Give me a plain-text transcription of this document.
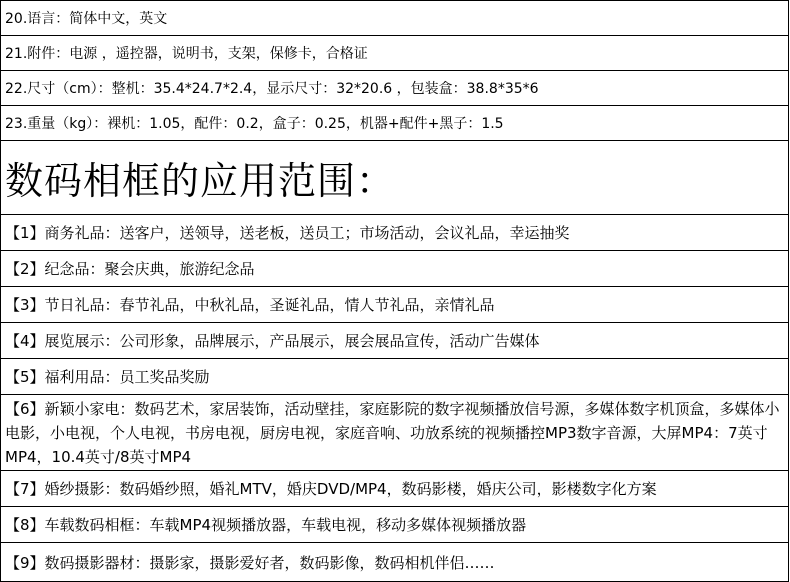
20.语言：简体中文，英文
21.附件：电源 ，遥控器，说明书，支架，保修卡，合格证
22.尺寸（cm）：整机：35.4*24.7*2.4，显示尺寸：32*20.6 ，包装盒：38.8*35*6
23.重量（kg）：裸机：1.05，配件：0.2，盒子：0.25，机器+配件+黑子：1.5
数码相框的应用范围：
【1】商务礼品：送客户，送领导，送老板，送员工；市场活动，会议礼品，幸运抽奖
【2】纪念品：聚会庆典，旅游纪念品
【3】节日礼品：春节礼品，中秋礼品，圣诞礼品，情人节礼品，亲情礼品
【4】展览展示：公司形象，品牌展示，产品展示，展会展品宣传，活动广告媒体
【5】福利用品：员工奖品奖励
【6】新颖小家电：数码艺术，家居装饰，活动壁挂，家庭影院的数字视频播放信号源，多媒体数字机顶盒，多媒体小电影，小电视，个人电视，书房电视，厨房电视，家庭音响、功放系统的视频播控MP3数字音源，大屏MP4：7英寸MP4，10.4英寸/8英寸MP4
【7】婚纱摄影：数码婚纱照，婚礼MTV，婚庆DVD/MP4，数码影楼，婚庆公司，影楼数字化方案
【8】车载数码相框：车载MP4视频播放器，车载电视，移动多媒体视频播放器
【9】数码摄影器材：摄影家，摄影爱好者，数码影像，数码相机伴侣……
